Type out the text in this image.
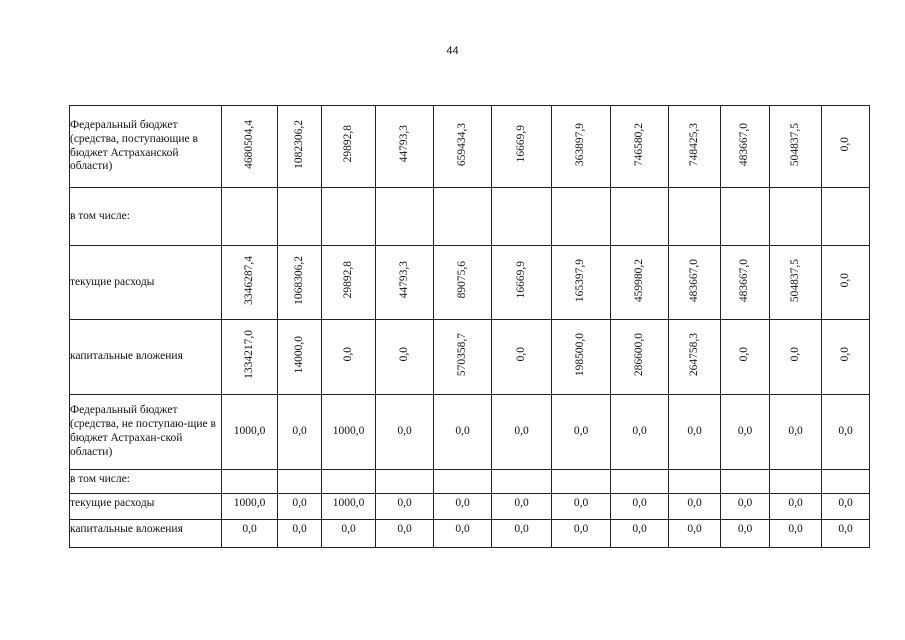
44
Федеральный бюджет (средства, поступающие в бюджет Астраханской области)	4680504,4	1082306,2	29892,8	44793,3	659434,3	16669,9	363897,9	746580,2	748425,3	483667,0	504837,5	0,0
в том числе:												
текущие расходы	3346287,4	1068306,2	29892,8	44793,3	89075,6	16669,9	165397,9	459980,2	483667,0	483667,0	504837,5	0,0
капитальные вложения	1334217,0	14000,0	0,0	0,0	570358,7	0,0	198500,0	286600,0	264758,3	0,0	0,0	0,0
Федеральный бюджет (средства, не поступаю-щие в бюджет Астрахан-ской области)	1000,0	0,0	1000,0	0,0	0,0	0,0	0,0	0,0	0,0	0,0	0,0	0,0
в том числе:												
текущие расходы	1000,0	0,0	1000,0	0,0	0,0	0,0	0,0	0,0	0,0	0,0	0,0	0,0
капитальные вложения	0,0	0,0	0,0	0,0	0,0	0,0	0,0	0,0	0,0	0,0	0,0	0,0
